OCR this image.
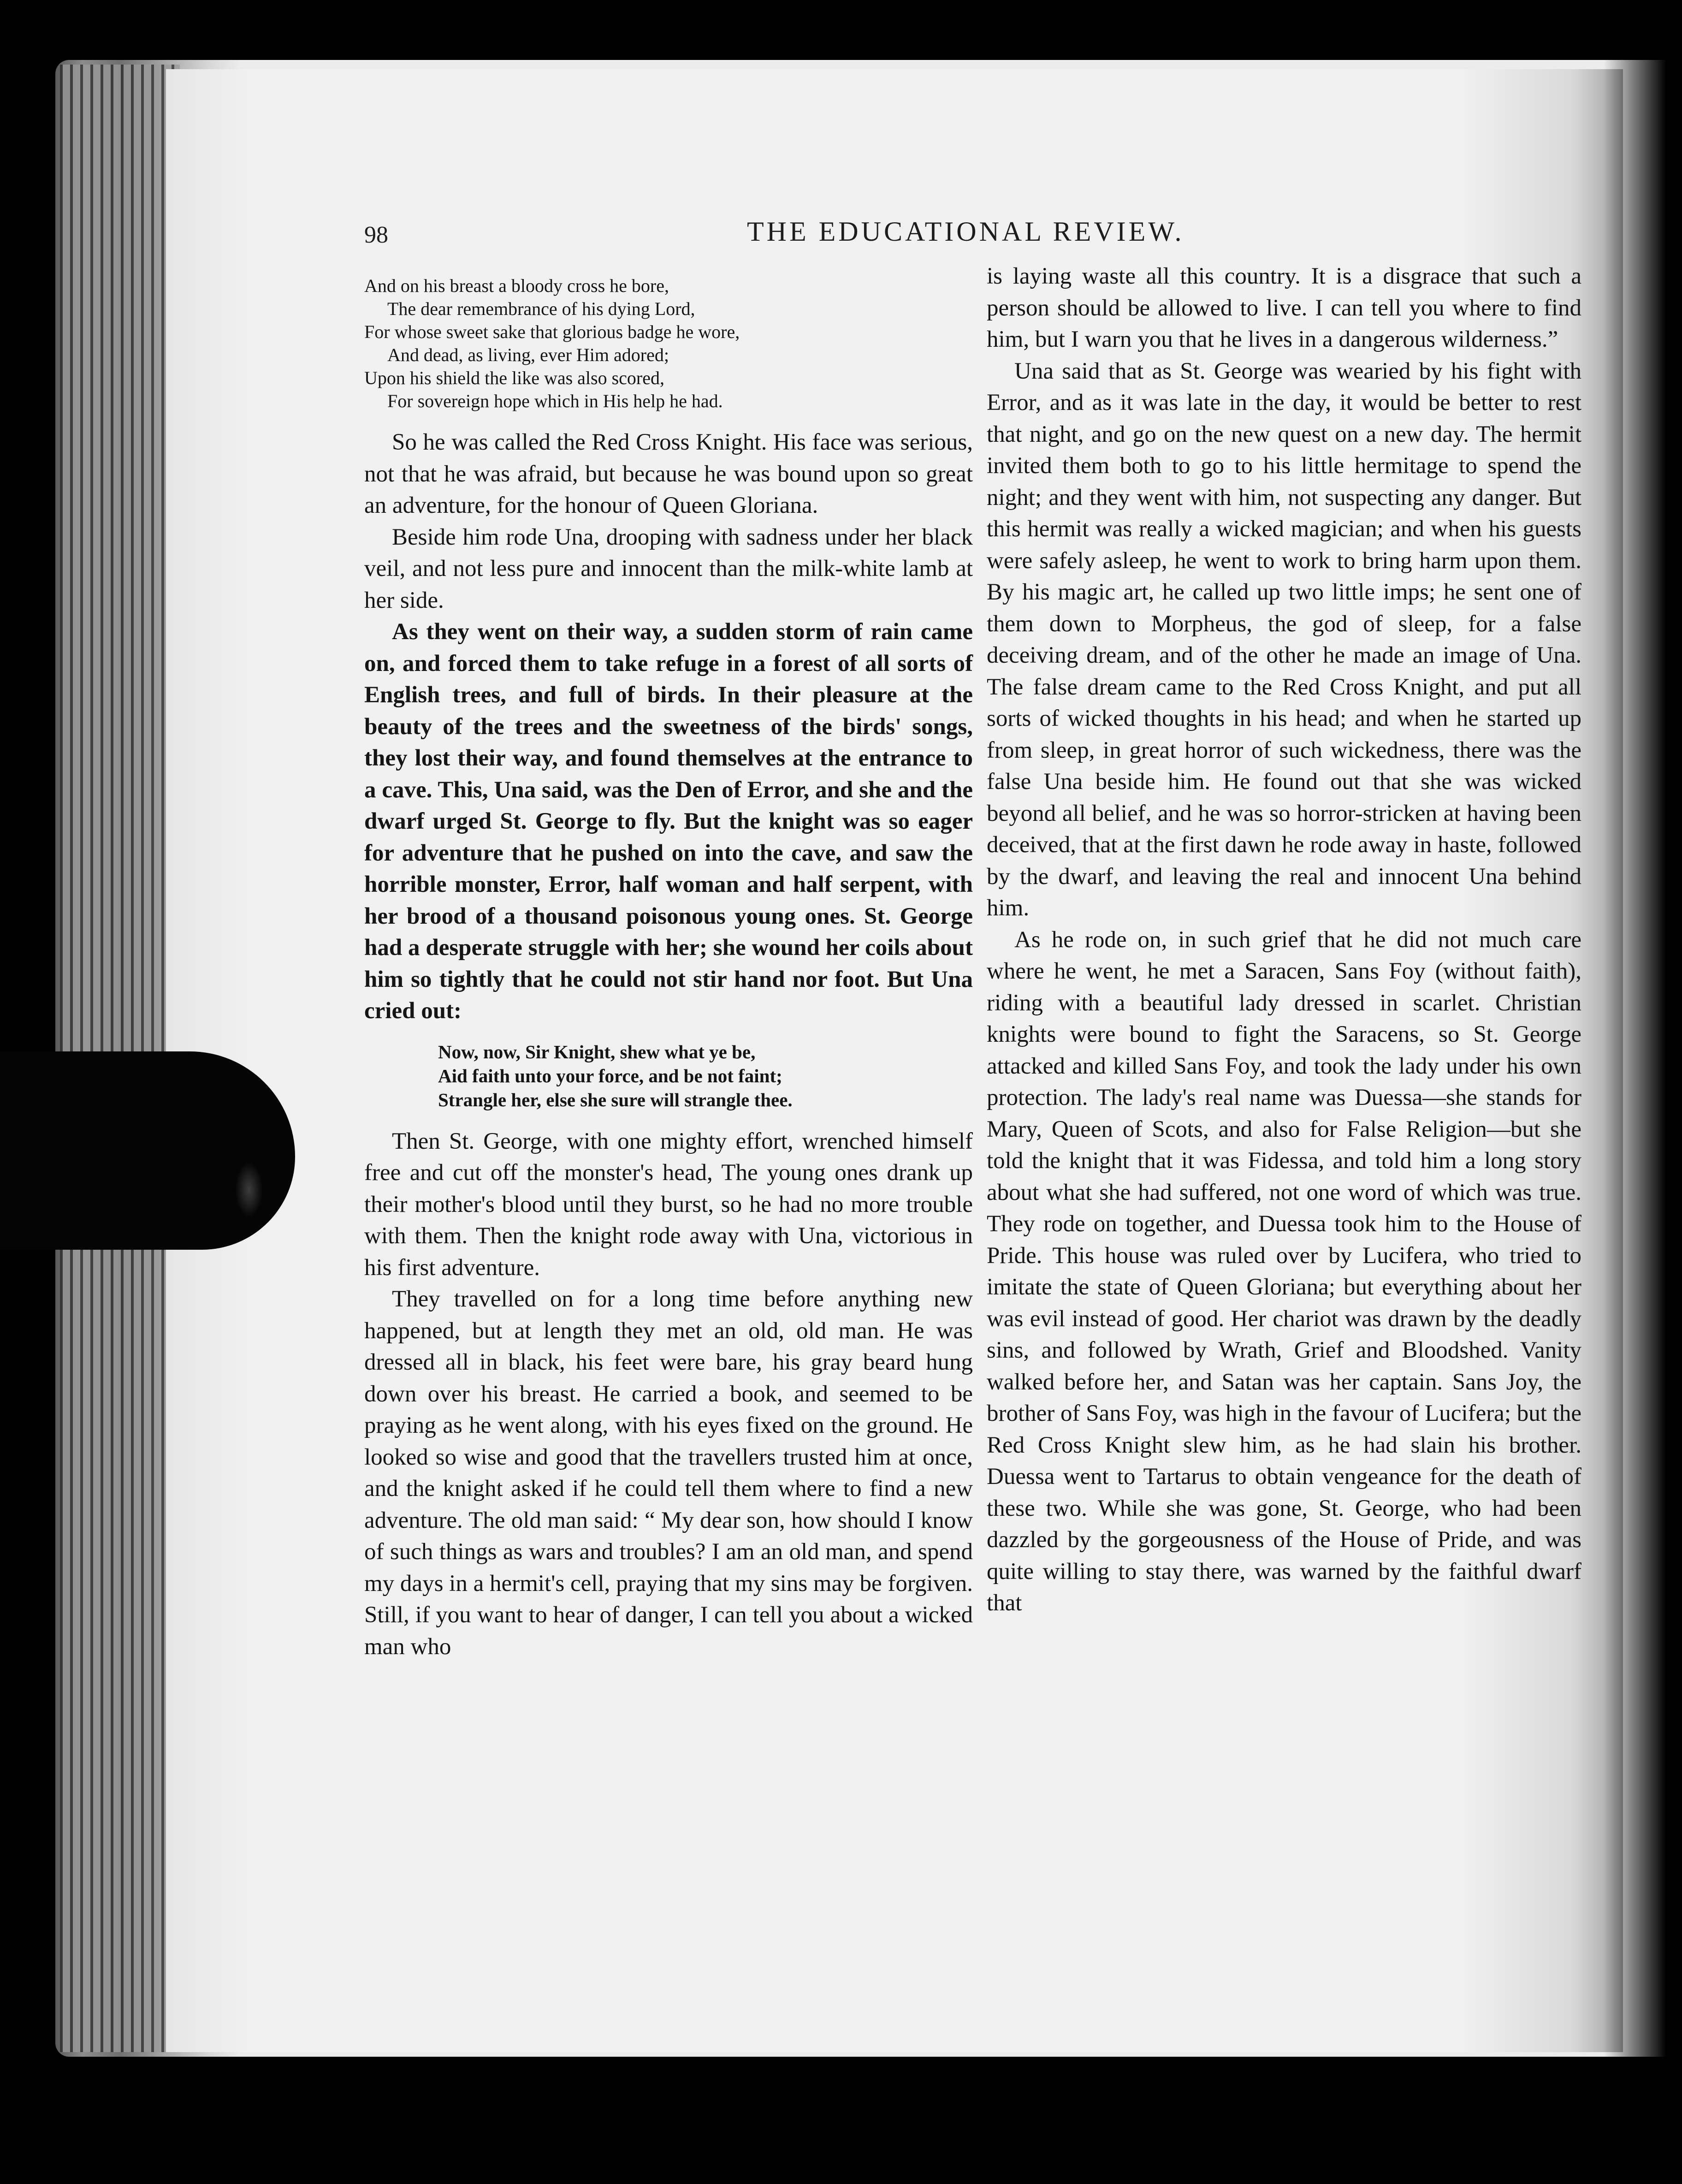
98	THE EDUCATIONAL REVIEW.
And on his breast a bloody cross he bore,
The dear remembrance of his dying Lord,
For whose sweet sake that glorious badge he wore,
And dead, as living, ever Him adored;
Upon his shield the like was also scored,
For sovereign hope which in His help he had.

So he was called the Red Cross Knight. His face was serious, not that he was afraid, but because he was bound upon so great an adventure, for the honour of Queen Gloriana.

Beside him rode Una, drooping with sadness under her black veil, and not less pure and innocent than the milk-white lamb at her side.

As they went on their way, a sudden storm of rain came on, and forced them to take refuge in a forest of all sorts of English trees, and full of birds. In their pleasure at the beauty of the trees and the sweetness of the birds' songs, they lost their way, and found themselves at the entrance to a cave. This, Una said, was the Den of Error, and she and the dwarf urged St. George to fly. But the knight was so eager for adventure that he pushed on into the cave, and saw the horrible monster, Error, half woman and half serpent, with her brood of a thousand poisonous young ones. St. George had a desperate struggle with her; she wound her coils about him so tightly that he could not stir hand nor foot. But Una cried out:

Now, now, Sir Knight, shew what ye be,
Aid faith unto your force, and be not faint;
Strangle her, else she sure will strangle thee.

Then St. George, with one mighty effort, wrenched himself free and cut off the monster's head, The young ones drank up their mother's blood until they burst, so he had no more trouble with them. Then the knight rode away with Una, victorious in his first adventure.

They travelled on for a long time before anything new happened, but at length they met an old, old man. He was dressed all in black, his feet were bare, his gray beard hung down over his breast. He carried a book, and seemed to be praying as he went along, with his eyes fixed on the ground. He looked so wise and good that the travellers trusted him at once, and the knight asked if he could tell them where to find a new adventure. The old man said: “ My dear son, how should I know of such things as wars and troubles? I am an old man, and spend my days in a hermit's cell, praying that my sins may be forgiven. Still, if you want to hear of danger, I can tell you about a wicked man who

is laying waste all this country. It is a disgrace that such a person should be allowed to live. I can tell you where to find him, but I warn you that he lives in a dangerous wilderness.”

Una said that as St. George was wearied by his fight with Error, and as it was late in the day, it would be better to rest that night, and go on the new quest on a new day. The hermit invited them both to go to his little hermitage to spend the night; and they went with him, not suspecting any danger. But this hermit was really a wicked magician; and when his guests were safely asleep, he went to work to bring harm upon them. By his magic art, he called up two little imps; he sent one of them down to Morpheus, the god of sleep, for a false deceiving dream, and of the other he made an image of Una. The false dream came to the Red Cross Knight, and put all sorts of wicked thoughts in his head; and when he started up from sleep, in great horror of such wickedness, there was the false Una beside him. He found out that she was wicked beyond all belief, and he was so horror-stricken at having been deceived, that at the first dawn he rode away in haste, followed by the dwarf, and leaving the real and innocent Una behind him.

As he rode on, in such grief that he did not much care where he went, he met a Saracen, Sans Foy (without faith), riding with a beautiful lady dressed in scarlet. Christian knights were bound to fight the Saracens, so St. George attacked and killed Sans Foy, and took the lady under his own protection. The lady's real name was Duessa—she stands for Mary, Queen of Scots, and also for False Religion—but she told the knight that it was Fidessa, and told him a long story about what she had suffered, not one word of which was true. They rode on together, and Duessa took him to the House of Pride. This house was ruled over by Lucifera, who tried to imitate the state of Queen Gloriana; but everything about her was evil instead of good. Her chariot was drawn by the deadly sins, and followed by Wrath, Grief and Bloodshed. Vanity walked before her, and Satan was her captain. Sans Joy, the brother of Sans Foy, was high in the favour of Lucifera; but the Red Cross Knight slew him, as he had slain his brother. Duessa went to Tartarus to obtain vengeance for the death of these two. While she was gone, St. George, who had been dazzled by the gorgeousness of the House of Pride, and was quite willing to stay there, was warned by the faithful dwarf that
